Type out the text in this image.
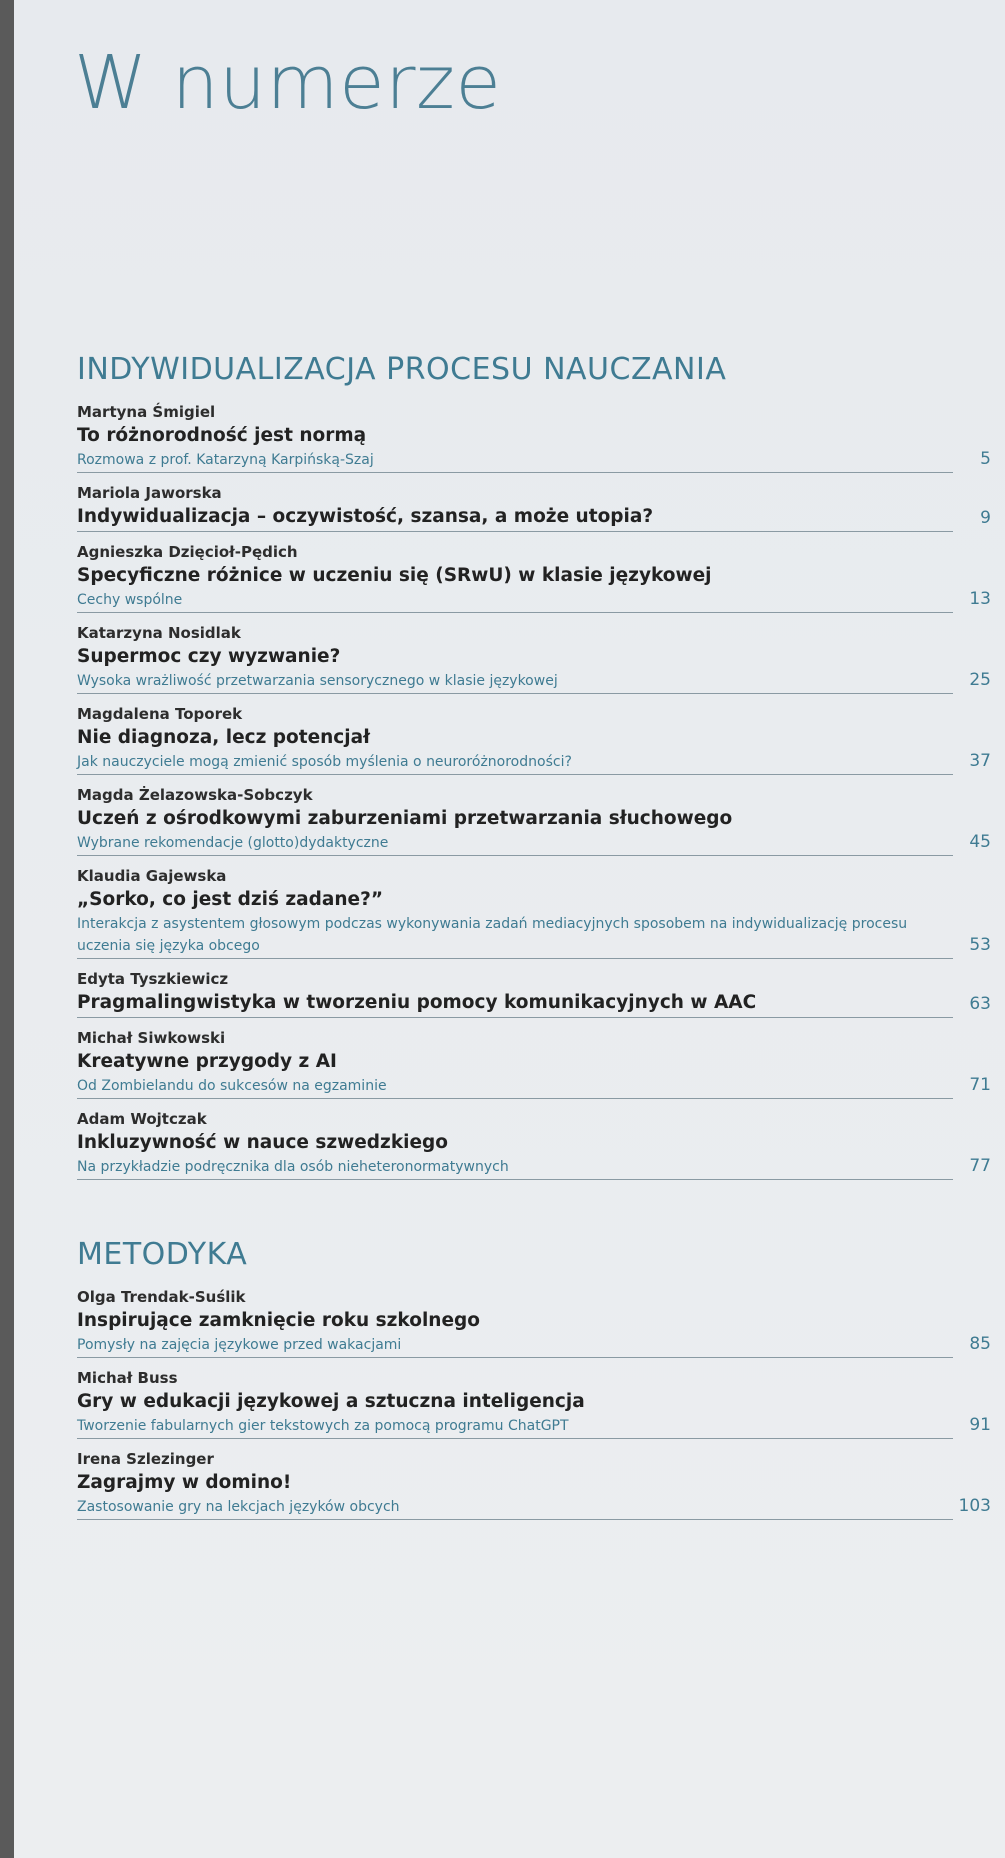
W numerze
INDYWIDUALIZACJA PROCESU NAUCZANIA
Martyna Śmigiel
To różnorodność jest normą
Rozmowa z prof. Katarzyną Karpińską-Szaj	5
Mariola Jaworska
Indywidualizacja – oczywistość, szansa, a może utopia?	9
Agnieszka Dzięcioł-Pędich
Specyficzne różnice w uczeniu się (SRwU) w klasie językowej
Cechy wspólne	13
Katarzyna Nosidlak
Supermoc czy wyzwanie?
Wysoka wrażliwość przetwarzania sensorycznego w klasie językowej	25
Magdalena Toporek
Nie diagnoza, lecz potencjał
Jak nauczyciele mogą zmienić sposób myślenia o neuroróżnorodności?	37
Magda Żelazowska-Sobczyk
Uczeń z ośrodkowymi zaburzeniami przetwarzania słuchowego
Wybrane rekomendacje (glotto)dydaktyczne	45
Klaudia Gajewska
„Sorko, co jest dziś zadane?”
Interakcja z asystentem głosowym podczas wykonywania zadań mediacyjnych sposobem na indywidualizację procesu uczenia się języka obcego	53
Edyta Tyszkiewicz
Pragmalingwistyka w tworzeniu pomocy komunikacyjnych w AAC	63
Michał Siwkowski
Kreatywne przygody z AI
Od Zombielandu do sukcesów na egzaminie	71
Adam Wojtczak
Inkluzywność w nauce szwedzkiego
Na przykładzie podręcznika dla osób nieheteronormatywnych	77
METODYKA
Olga Trendak-Suślik
Inspirujące zamknięcie roku szkolnego
Pomysły na zajęcia językowe przed wakacjami	85
Michał Buss
Gry w edukacji językowej a sztuczna inteligencja
Tworzenie fabularnych gier tekstowych za pomocą programu ChatGPT	91
Irena Szlezinger
Zagrajmy w domino!
Zastosowanie gry na lekcjach języków obcych	103
